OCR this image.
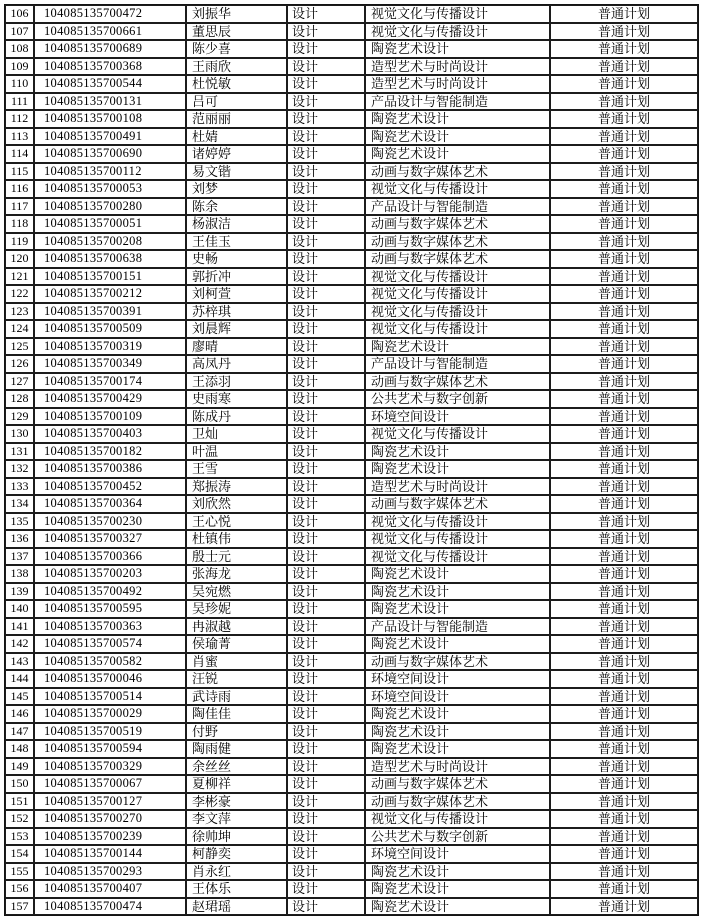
106	104085135700472	刘振华	设计	视觉文化与传播设计	普通计划
107	104085135700661	董思辰	设计	视觉文化与传播设计	普通计划
108	104085135700689	陈少喜	设计	陶瓷艺术设计	普通计划
109	104085135700368	王雨欣	设计	造型艺术与时尚设计	普通计划
110	104085135700544	杜悦敏	设计	造型艺术与时尚设计	普通计划
111	104085135700131	吕可	设计	产品设计与智能制造	普通计划
112	104085135700108	范丽丽	设计	陶瓷艺术设计	普通计划
113	104085135700491	杜婧	设计	陶瓷艺术设计	普通计划
114	104085135700690	诸婷婷	设计	陶瓷艺术设计	普通计划
115	104085135700112	易文锴	设计	动画与数字媒体艺术	普通计划
116	104085135700053	刘梦	设计	视觉文化与传播设计	普通计划
117	104085135700280	陈余	设计	产品设计与智能制造	普通计划
118	104085135700051	杨淑洁	设计	动画与数字媒体艺术	普通计划
119	104085135700208	王佳玉	设计	动画与数字媒体艺术	普通计划
120	104085135700638	史畅	设计	动画与数字媒体艺术	普通计划
121	104085135700151	郭折冲	设计	视觉文化与传播设计	普通计划
122	104085135700212	刘柯萱	设计	视觉文化与传播设计	普通计划
123	104085135700391	苏梓琪	设计	视觉文化与传播设计	普通计划
124	104085135700509	刘晨辉	设计	视觉文化与传播设计	普通计划
125	104085135700319	廖晴	设计	陶瓷艺术设计	普通计划
126	104085135700349	高凤丹	设计	产品设计与智能制造	普通计划
127	104085135700174	王添羽	设计	动画与数字媒体艺术	普通计划
128	104085135700429	史雨寒	设计	公共艺术与数字创新	普通计划
129	104085135700109	陈成丹	设计	环境空间设计	普通计划
130	104085135700403	卫灿	设计	视觉文化与传播设计	普通计划
131	104085135700182	叶温	设计	陶瓷艺术设计	普通计划
132	104085135700386	王雪	设计	陶瓷艺术设计	普通计划
133	104085135700452	郑振涛	设计	造型艺术与时尚设计	普通计划
134	104085135700364	刘欣然	设计	动画与数字媒体艺术	普通计划
135	104085135700230	王心悦	设计	视觉文化与传播设计	普通计划
136	104085135700327	杜镇伟	设计	视觉文化与传播设计	普通计划
137	104085135700366	殷士元	设计	视觉文化与传播设计	普通计划
138	104085135700203	张海龙	设计	陶瓷艺术设计	普通计划
139	104085135700492	吴宛燃	设计	陶瓷艺术设计	普通计划
140	104085135700595	吴珍妮	设计	陶瓷艺术设计	普通计划
141	104085135700363	冉淑越	设计	产品设计与智能制造	普通计划
142	104085135700574	侯瑜菁	设计	陶瓷艺术设计	普通计划
143	104085135700582	肖蜜	设计	动画与数字媒体艺术	普通计划
144	104085135700046	汪锐	设计	环境空间设计	普通计划
145	104085135700514	武诗雨	设计	环境空间设计	普通计划
146	104085135700029	陶佳佳	设计	陶瓷艺术设计	普通计划
147	104085135700519	付野	设计	陶瓷艺术设计	普通计划
148	104085135700594	陶雨健	设计	陶瓷艺术设计	普通计划
149	104085135700329	余丝丝	设计	造型艺术与时尚设计	普通计划
150	104085135700067	夏柳祥	设计	动画与数字媒体艺术	普通计划
151	104085135700127	李彬豪	设计	动画与数字媒体艺术	普通计划
152	104085135700270	李文萍	设计	视觉文化与传播设计	普通计划
153	104085135700239	徐帅坤	设计	公共艺术与数字创新	普通计划
154	104085135700144	柯静奕	设计	环境空间设计	普通计划
155	104085135700293	肖永红	设计	陶瓷艺术设计	普通计划
156	104085135700407	王体乐	设计	陶瓷艺术设计	普通计划
157	104085135700474	赵珺瑶	设计	陶瓷艺术设计	普通计划
